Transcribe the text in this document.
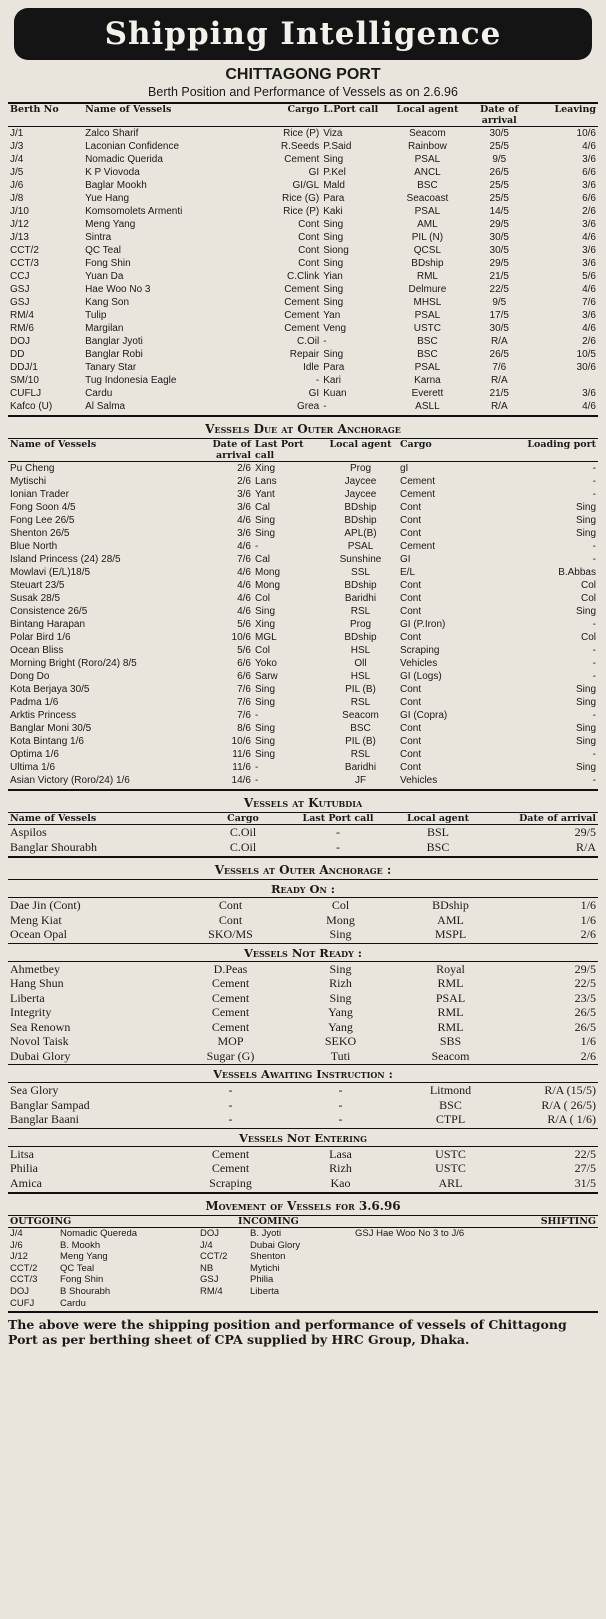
Shipping Intelligence
CHITTAGONG PORT
Berth Position and Performance of Vessels as on 2.6.96
Berth No	Name of Vessels	Cargo	L.Port call	Local agent	Date of arrival	Leaving
J/1	Zalco Sharif	Rice (P)	Viza	Seacom	30/5	10/6
J/3	Laconian Confidence	R.Seeds	P.Said	Rainbow	25/5	4/6
J/4	Nomadic Querida	Cement	Sing	PSAL	9/5	3/6
J/5	K P Viovoda	GI	P.Kel	ANCL	26/5	6/6
J/6	Baglar Mookh	GI/GL	Mald	BSC	25/5	3/6
J/8	Yue Hang	Rice (G)	Para	Seacoast	25/5	6/6
J/10	Komsomolets Armenti	Rice (P)	Kaki	PSAL	14/5	2/6
J/12	Meng Yang	Cont	Sing	AML	29/5	3/6
J/13	Sintra	Cont	Sing	PIL (N)	30/5	4/6
CCT/2	QC Teal	Cont	Siong	QCSL	30/5	3/6
CCT/3	Fong Shin	Cont	Sing	BDship	29/5	3/6
CCJ	Yuan Da	C.Clink	Yian	RML	21/5	5/6
GSJ	Hae Woo No 3	Cement	Sing	Delmure	22/5	4/6
GSJ	Kang Son	Cement	Sing	MHSL	9/5	7/6
RM/4	Tulip	Cement	Yan	PSAL	17/5	3/6
RM/6	Margilan	Cement	Veng	USTC	30/5	4/6
DOJ	Banglar Jyoti	C.Oil	-	BSC	R/A	2/6
DD	Banglar Robi	Repair	Sing	BSC	26/5	10/5
DDJ/1	Tanary Star	Idle	Para	PSAL	7/6	30/6
SM/10	Tug Indonesia Eagle	-	Kari	Karna	R/A	
CUFLJ	Cardu	GI	Kuan	Everett	21/5	3/6
Kafco (U)	Al Salma	Grea	-	ASLL	R/A	4/6
Vessels Due at Outer Anchorage
Name of Vessels	Date of arrival	Last Port call	Local agent	Cargo	Loading port
Pu Cheng	2/6	Xing	Prog	gI	-
Mytischi	2/6	Lans	Jaycee	Cement	-
Ionian Trader	3/6	Yant	Jaycee	Cement	-
Fong Soon 4/5	3/6	Cal	BDship	Cont	Sing
Fong Lee 26/5	4/6	Sing	BDship	Cont	Sing
Shenton 26/5	3/6	Sing	APL(B)	Cont	Sing
Blue North	4/6	-	PSAL	Cement	-
Island Princess (24) 28/5	7/6	Cal	Sunshine	GI	-
Mowlavi (E/L)18/5	4/6	Mong	SSL	E/L	B.Abbas
Steuart 23/5	4/6	Mong	BDship	Cont	Col
Susak 28/5	4/6	Col	Baridhi	Cont	Col
Consistence 26/5	4/6	Sing	RSL	Cont	Sing
Bintang Harapan	5/6	Xing	Prog	GI (P.Iron)	-
Polar Bird 1/6	10/6	MGL	BDship	Cont	Col
Ocean Bliss	5/6	Col	HSL	Scraping	-
Morning Bright (Roro/24) 8/5	6/6	Yoko	Oll	Vehicles	-
Dong Do	6/6	Sarw	HSL	GI (Logs)	-
Kota Berjaya 30/5	7/6	Sing	PIL (B)	Cont	Sing
Padma 1/6	7/6	Sing	RSL	Cont	Sing
Arktis Princess	7/6	-	Seacom	GI (Copra)	-
Banglar Moni 30/5	8/6	Sing	BSC	Cont	Sing
Kota Bintang 1/6	10/6	Sing	PIL (B)	Cont	Sing
Optima 1/6	11/6	Sing	RSL	Cont	-
Ultima 1/6	11/6	-	Baridhi	Cont	Sing
Asian Victory (Roro/24) 1/6	14/6	-	JF	Vehicles	-
Vessels at Kutubdia
Name of Vessels	Cargo	Last Port call	Local agent	Date of arrival
Aspilos	C.Oil	-	BSL	29/5
Banglar Shourabh	C.Oil	-	BSC	R/A
Vessels at Outer Anchorage :
Ready On :
Dae Jin (Cont)	Cont	Col	BDship	1/6
Meng Kiat	Cont	Mong	AML	1/6
Ocean Opal	SKO/MS	Sing	MSPL	2/6
Vessels Not Ready :
Ahmetbey	D.Peas	Sing	Royal	29/5
Hang Shun	Cement	Rizh	RML	22/5
Liberta	Cement	Sing	PSAL	23/5
Integrity	Cement	Yang	RML	26/5
Sea Renown	Cement	Yang	RML	26/5
Novol Taisk	MOP	SEKO	SBS	1/6
Dubai Glory	Sugar (G)	Tuti	Seacom	2/6
Vessels Awaiting Instruction :
Sea Glory	-	-	Litmond	R/A (15/5)
Banglar Sampad	-	-	BSC	R/A ( 26/5)
Banglar Baani	-	-	CTPL	R/A ( 1/6)
Vessels Not Entering
Litsa	Cement	Lasa	USTC	22/5
Philia	Cement	Rizh	USTC	27/5
Amica	Scraping	Kao	ARL	31/5
Movement of Vessels for 3.6.96
OUTGOING		INCOMING		SHIFTING
J/4	Nomadic Quereda	DOJ	B. Jyoti	GSJ Hae Woo No 3 to J/6
J/6	B. Mookh	J/4	Dubai Glory	
J/12	Meng Yang	CCT/2	Shenton	
CCT/2	QC Teal	NB	Mytichi	
CCT/3	Fong Shin	GSJ	Philia	
DOJ	B Shourabh	RM/4	Liberta	
CUFJ	Cardu			
The above were the shipping position and performance of vessels of Chittagong Port as per berthing sheet of CPA supplied by HRC Group, Dhaka.
